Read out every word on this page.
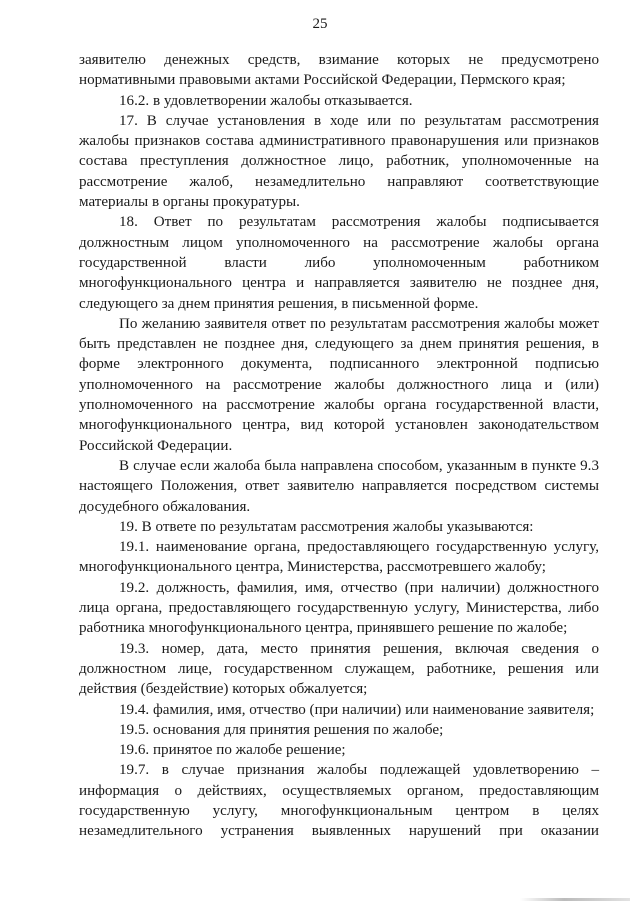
25

заявителю денежных средств, взимание которых не предусмотрено нормативными правовыми актами Российской Федерации, Пермского края;

16.2. в удовлетворении жалобы отказывается.

17. В случае установления в ходе или по результатам рассмотрения жалобы признаков состава административного правонарушения или признаков состава преступления должностное лицо, работник, уполномоченные на рассмотрение жалоб, незамедлительно направляют соответствующие материалы в органы прокуратуры.

18. Ответ по результатам рассмотрения жалобы подписывается должностным лицом уполномоченного на рассмотрение жалобы органа государственной власти либо уполномоченным работником многофункционального центра и направляется заявителю не позднее дня, следующего за днем принятия решения, в письменной форме.

По желанию заявителя ответ по результатам рассмотрения жалобы может быть представлен не позднее дня, следующего за днем принятия решения, в форме электронного документа, подписанного электронной подписью уполномоченного на рассмотрение жалобы должностного лица и (или) уполномоченного на рассмотрение жалобы органа государственной власти, многофункционального центра, вид которой установлен законодательством Российской Федерации.

В случае если жалоба была направлена способом, указанным в пункте 9.3 настоящего Положения, ответ заявителю направляется посредством системы досудебного обжалования.

19. В ответе по результатам рассмотрения жалобы указываются:

19.1. наименование органа, предоставляющего государственную услугу, многофункционального центра, Министерства, рассмотревшего жалобу;

19.2. должность, фамилия, имя, отчество (при наличии) должностного лица органа, предоставляющего государственную услугу, Министерства, либо работника многофункционального центра, принявшего решение по жалобе;

19.3. номер, дата, место принятия решения, включая сведения о должностном лице, государственном служащем, работнике, решения или действия (бездействие) которых обжалуется;

19.4. фамилия, имя, отчество (при наличии) или наименование заявителя;

19.5. основания для принятия решения по жалобе;

19.6. принятое по жалобе решение;

19.7. в случае признания жалобы подлежащей удовлетворению – информация о действиях, осуществляемых органом, предоставляющим государственную услугу, многофункциональным центром в целях незамедлительного устранения выявленных нарушений при оказании
